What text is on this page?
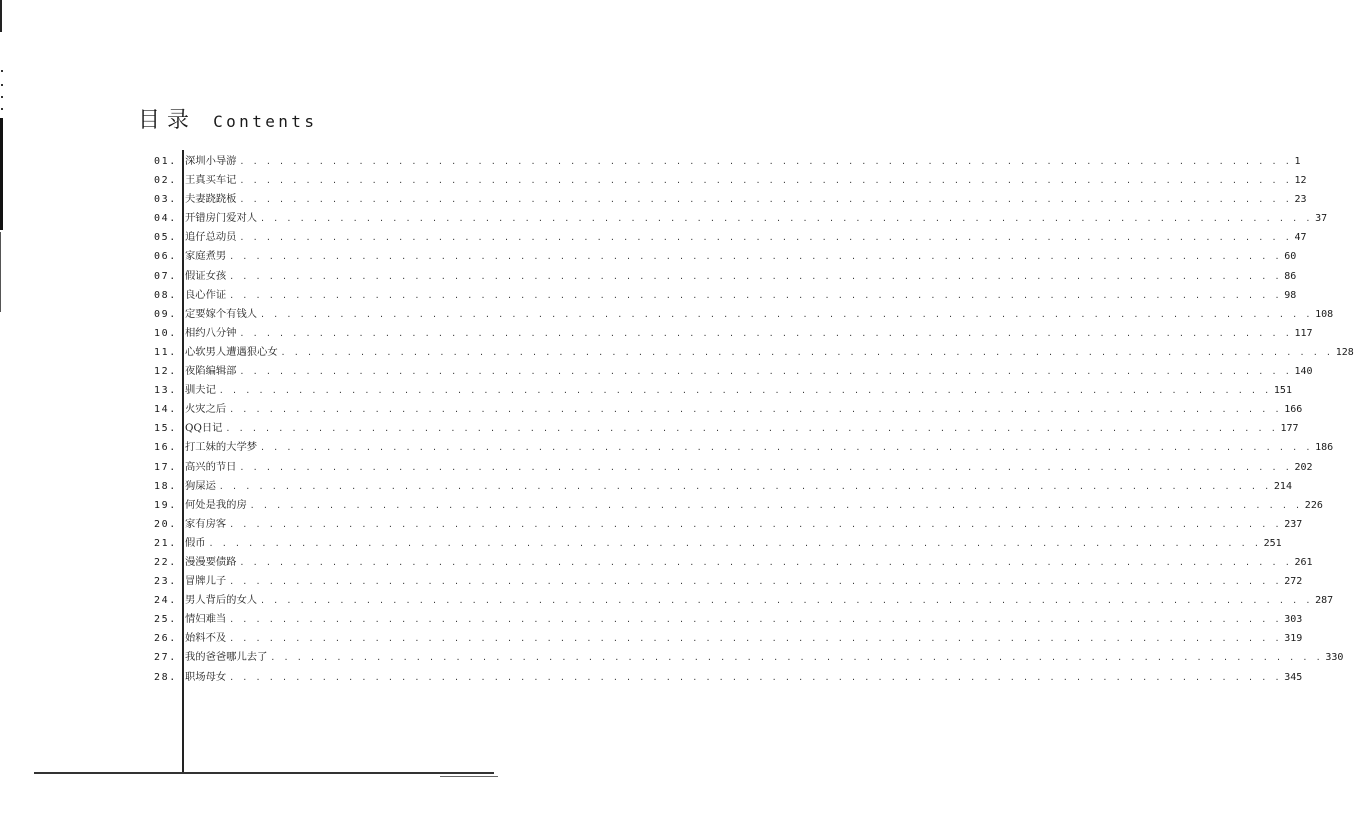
目录 Contents
01. 深圳小导游 . . . . . . . . . . . . . . . . . . . . . . . . . . . . . . . . . . . . . . . . . . . . . . . . . . . . . . . . . . . . . . . . . . . . . . . . . . . . . . . . 1
02. 王真买车记 . . . . . . . . . . . . . . . . . . . . . . . . . . . . . . . . . . . . . . . . . . . . . . . . . . . . . . . . . . . . . . . . . . . . . . . . . . . . . . . . 12
03. 夫妻跷跷板 . . . . . . . . . . . . . . . . . . . . . . . . . . . . . . . . . . . . . . . . . . . . . . . . . . . . . . . . . . . . . . . . . . . . . . . . . . . . . . . . 23
04. 开错房门爱对人 . . . . . . . . . . . . . . . . . . . . . . . . . . . . . . . . . . . . . . . . . . . . . . . . . . . . . . . . . . . . . . . . . . . . . . . . . . . . . . . . 37
05. 追仔总动员 . . . . . . . . . . . . . . . . . . . . . . . . . . . . . . . . . . . . . . . . . . . . . . . . . . . . . . . . . . . . . . . . . . . . . . . . . . . . . . . . 47
06. 家庭煮男 . . . . . . . . . . . . . . . . . . . . . . . . . . . . . . . . . . . . . . . . . . . . . . . . . . . . . . . . . . . . . . . . . . . . . . . . . . . . . . . . 60
07. 假证女孩 . . . . . . . . . . . . . . . . . . . . . . . . . . . . . . . . . . . . . . . . . . . . . . . . . . . . . . . . . . . . . . . . . . . . . . . . . . . . . . . . 86
08. 良心作证 . . . . . . . . . . . . . . . . . . . . . . . . . . . . . . . . . . . . . . . . . . . . . . . . . . . . . . . . . . . . . . . . . . . . . . . . . . . . . . . . 98
09. 定要嫁个有钱人 . . . . . . . . . . . . . . . . . . . . . . . . . . . . . . . . . . . . . . . . . . . . . . . . . . . . . . . . . . . . . . . . . . . . . . . . . . . . . . . . 108
10. 相约八分钟 . . . . . . . . . . . . . . . . . . . . . . . . . . . . . . . . . . . . . . . . . . . . . . . . . . . . . . . . . . . . . . . . . . . . . . . . . . . . . . . . 117
11. 心软男人遭遇狠心女 . . . . . . . . . . . . . . . . . . . . . . . . . . . . . . . . . . . . . . . . . . . . . . . . . . . . . . . . . . . . . . . . . . . . . . . . . . . . . . . . 128
12. 夜陷编辑部 . . . . . . . . . . . . . . . . . . . . . . . . . . . . . . . . . . . . . . . . . . . . . . . . . . . . . . . . . . . . . . . . . . . . . . . . . . . . . . . . 140
13. 驯夫记 . . . . . . . . . . . . . . . . . . . . . . . . . . . . . . . . . . . . . . . . . . . . . . . . . . . . . . . . . . . . . . . . . . . . . . . . . . . . . . . . 151
14. 火灾之后 . . . . . . . . . . . . . . . . . . . . . . . . . . . . . . . . . . . . . . . . . . . . . . . . . . . . . . . . . . . . . . . . . . . . . . . . . . . . . . . . 166
15. QQ日记 . . . . . . . . . . . . . . . . . . . . . . . . . . . . . . . . . . . . . . . . . . . . . . . . . . . . . . . . . . . . . . . . . . . . . . . . . . . . . . . . 177
16. 打工妹的大学梦 . . . . . . . . . . . . . . . . . . . . . . . . . . . . . . . . . . . . . . . . . . . . . . . . . . . . . . . . . . . . . . . . . . . . . . . . . . . . . . . . 186
17. 高兴的节日 . . . . . . . . . . . . . . . . . . . . . . . . . . . . . . . . . . . . . . . . . . . . . . . . . . . . . . . . . . . . . . . . . . . . . . . . . . . . . . . . 202
18. 狗屎运 . . . . . . . . . . . . . . . . . . . . . . . . . . . . . . . . . . . . . . . . . . . . . . . . . . . . . . . . . . . . . . . . . . . . . . . . . . . . . . . . 214
19. 何处是我的房 . . . . . . . . . . . . . . . . . . . . . . . . . . . . . . . . . . . . . . . . . . . . . . . . . . . . . . . . . . . . . . . . . . . . . . . . . . . . . . . . 226
20. 家有房客 . . . . . . . . . . . . . . . . . . . . . . . . . . . . . . . . . . . . . . . . . . . . . . . . . . . . . . . . . . . . . . . . . . . . . . . . . . . . . . . . 237
21. 假币 . . . . . . . . . . . . . . . . . . . . . . . . . . . . . . . . . . . . . . . . . . . . . . . . . . . . . . . . . . . . . . . . . . . . . . . . . . . . . . . . 251
22. 漫漫要债路 . . . . . . . . . . . . . . . . . . . . . . . . . . . . . . . . . . . . . . . . . . . . . . . . . . . . . . . . . . . . . . . . . . . . . . . . . . . . . . . . 261
23. 冒牌儿子 . . . . . . . . . . . . . . . . . . . . . . . . . . . . . . . . . . . . . . . . . . . . . . . . . . . . . . . . . . . . . . . . . . . . . . . . . . . . . . . . 272
24. 男人背后的女人 . . . . . . . . . . . . . . . . . . . . . . . . . . . . . . . . . . . . . . . . . . . . . . . . . . . . . . . . . . . . . . . . . . . . . . . . . . . . . . . . 287
25. 情妇难当 . . . . . . . . . . . . . . . . . . . . . . . . . . . . . . . . . . . . . . . . . . . . . . . . . . . . . . . . . . . . . . . . . . . . . . . . . . . . . . . . 303
26. 始料不及 . . . . . . . . . . . . . . . . . . . . . . . . . . . . . . . . . . . . . . . . . . . . . . . . . . . . . . . . . . . . . . . . . . . . . . . . . . . . . . . . 319
27. 我的爸爸哪儿去了 . . . . . . . . . . . . . . . . . . . . . . . . . . . . . . . . . . . . . . . . . . . . . . . . . . . . . . . . . . . . . . . . . . . . . . . . . . . . . . . . 330
28. 职场母女 . . . . . . . . . . . . . . . . . . . . . . . . . . . . . . . . . . . . . . . . . . . . . . . . . . . . . . . . . . . . . . . . . . . . . . . . . . . . . . . . 345
